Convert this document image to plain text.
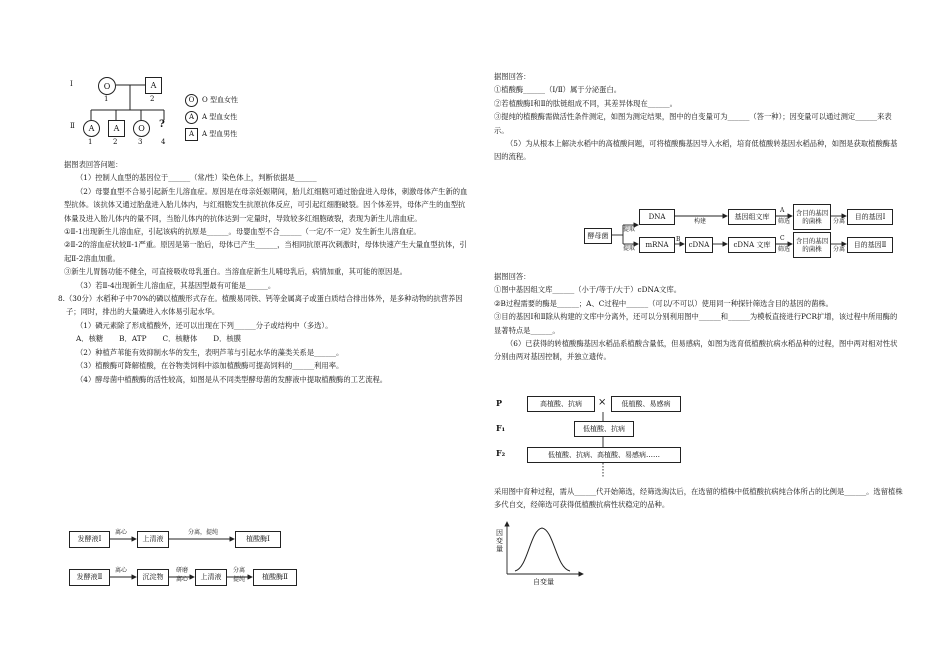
Ⅰ
Ⅱ
O	A
1	2
A	A	O	?
1	2	3	4
O	O 型血女性
A	A 型血女性
A	A 型血男性

据图表回答问题：

（1）控制人血型的基因位于______（常/性）染色体上，判断依据是______

（2）母婴血型不合易引起新生儿溶血症。原因是在母亲妊娠期间，胎儿红细胞可通过胎盘进入母体，刺激母体产生新的血型抗体。该抗体又通过胎盘进入胎儿体内，与红细胞发生抗原抗体反应，可引起红细胞破裂。因个体差异，母体产生的血型抗体量及进入胎儿体内的量不同，当胎儿体内的抗体达到一定量时，导致较多红细胞破裂，表现为新生儿溶血症。

①Ⅱ-1出现新生儿溶血症，引起该病的抗原是______。母婴血型不合______（一定/不一定）发生新生儿溶血症。

②Ⅱ-2的溶血症状较Ⅱ-1严重。原因是第一胎后，母体已产生______，当相同抗原再次刺激时，母体快速产生大量血型抗体，引起Ⅱ-2溶血加重。

③新生儿胃肠功能不健全，可直接吸收母乳蛋白。当溶血症新生儿哺母乳后，病情加重，其可能的原因是。

（3）若Ⅱ-4出现新生儿溶血症，其基因型最有可能是______。

8.（30分）水稻种子中70%的磷以植酸形式存在。植酸易同铁、钙等金属离子或蛋白质结合排出体外，是多种动物的抗营养因子；同时，排出的大量磷进入水体易引起水华。

（1）磷元素除了形成植酸外，还可以出现在下列______分子或结构中（多选）。

A．核糖 B．ATP C．核糖体 D．核膜

（2）种植芦苇能有效抑制水华的发生，表明芦苇与引起水华的藻类关系是______。

（3）植酸酶可降解植酸，在谷物类饲料中添加植酸酶可提高饲料的______利用率。

（4）酵母菌中植酸酶的活性较高，如图是从不同类型酵母菌的发酵液中提取植酸酶的工艺流程。

发酵液Ⅰ
离心
上清液
分离，提纯
植酸酶Ⅰ
发酵液Ⅱ
离心
沉淀物
研磨 离心	上清液
分离 提纯	植酸酶Ⅱ

据图回答：

①植酸酶______（Ⅰ/Ⅱ）属于分泌蛋白。

②若植酸酶Ⅰ和Ⅱ的肽链组成不同，其差异体现在______。

③提纯的植酸酶需做活性条件测定，如图为测定结果，图中的自变量可为______（答一种）；因变量可以通过测定______来表示。

（5）为从根本上解决水稻中的高植酸问题，可将植酸酶基因导入水稻，培育低植酸转基因水稻品种，如图是获取植酸酶基因的流程。

据图回答：

①图中基因组文库______（小于/等于/大于）cDNA文库。

②B过程需要的酶是______；A、C过程中______（可以/不可以）使用同一种探针筛选含目的基因的菌株。

③目的基因Ⅰ和Ⅱ除从构建的文库中分离外，还可以分别利用图中______和______为模板直接进行PCR扩增，该过程中所用酶的显著特点是______。

（6）已获得的转植酸酶基因水稻品系植酸含量低，但易感病，如图为选育低植酸抗病水稻品种的过程，图中两对相对性状分别由两对基因控制，并独立遗传。

采用图中育种过程，需从______代开始筛选，经筛选淘汰后，在选留的植株中低植酸抗病纯合体所占的比例是______。选留植株多代自交，经筛选可获得低植酸抗病性状稳定的品种。

酵母菌
提取
提取
DNA
mRNA
构建
B
cDNA
基因组文库
cDNA 文库
A
筛选
C
筛选
含目的基因的菌株
含目的基因的菌株
分离
分离
目的基因Ⅰ
目的基因Ⅱ
P
F₁
F₂
高植酸、抗病	×	低植酸、易感病
低植酸、抗病
低植酸、抗病、高植酸、易感病……
因变量
自变量
